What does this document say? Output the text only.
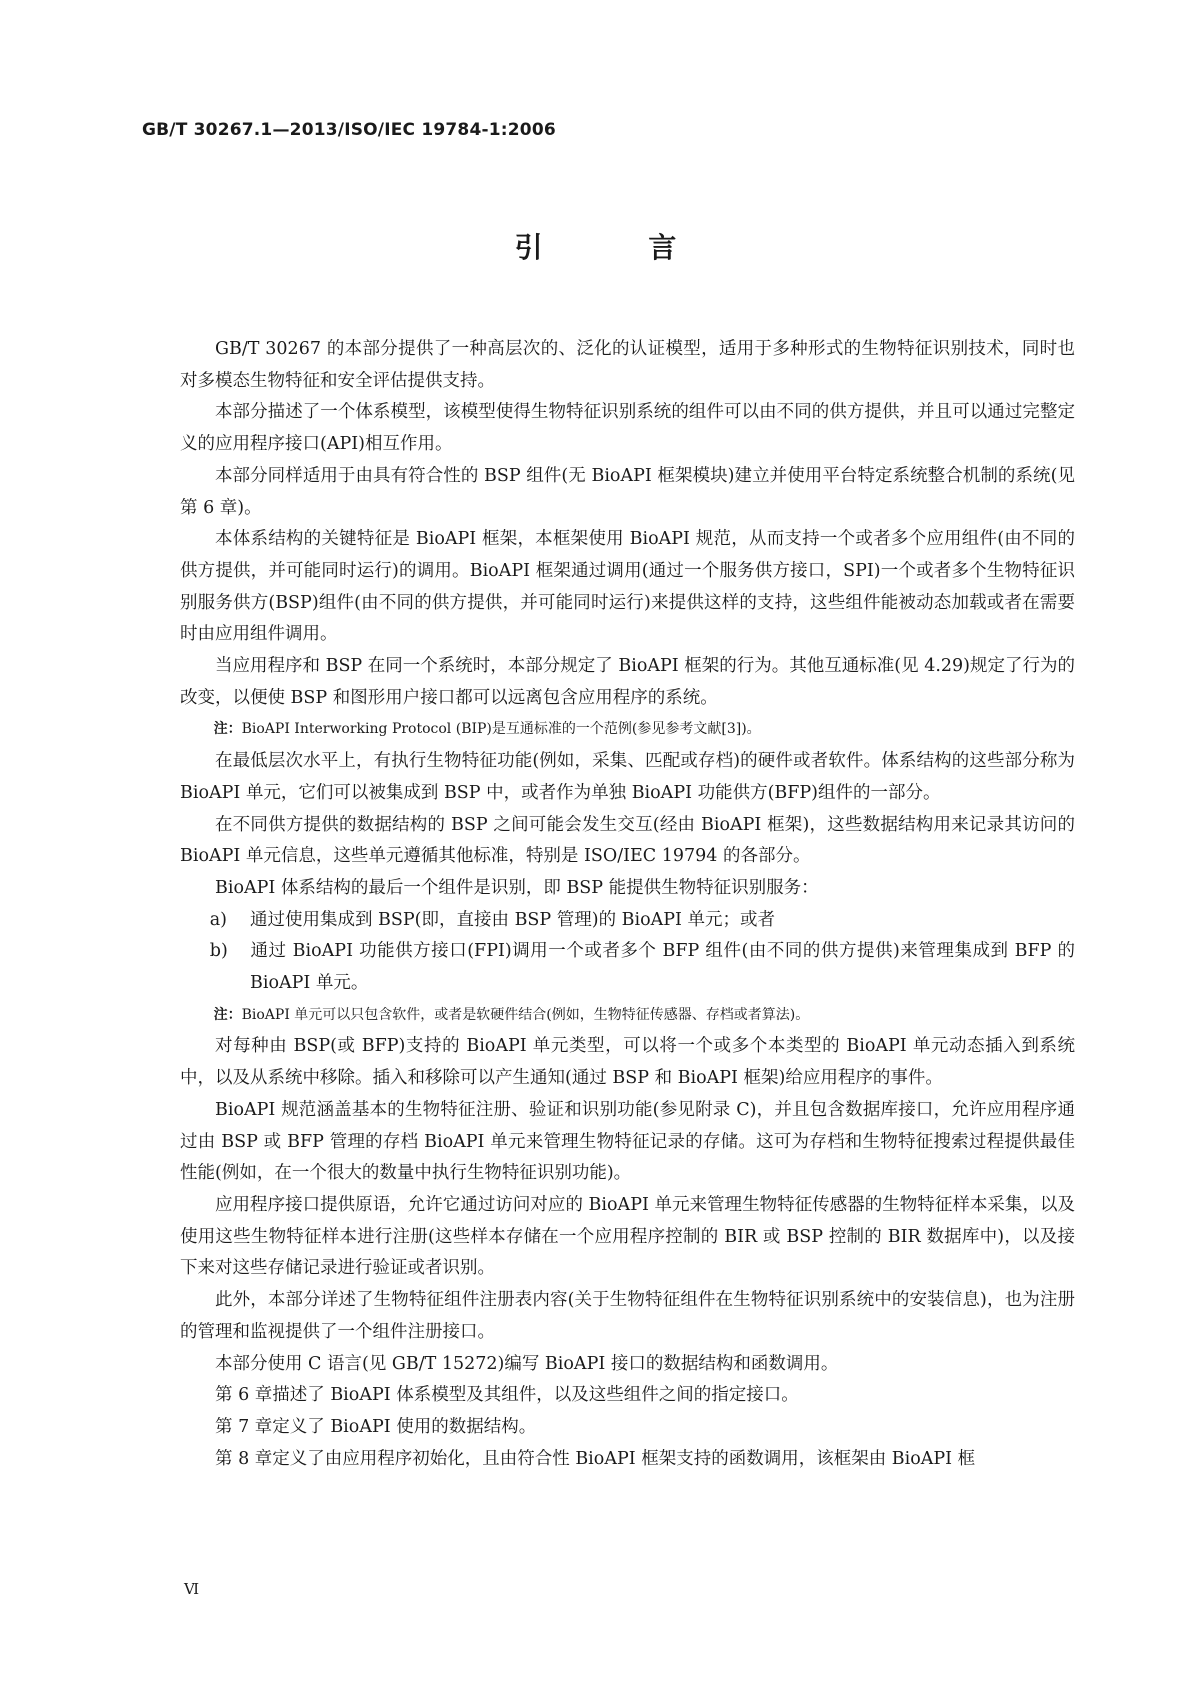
GB/T 30267.1—2013/ISO/IEC 19784-1:2006
引 言

GB/T 30267 的本部分提供了一种高层次的、泛化的认证模型，适用于多种形式的生物特征识别技术，同时也对多模态生物特征和安全评估提供支持。

本部分描述了一个体系模型，该模型使得生物特征识别系统的组件可以由不同的供方提供，并且可以通过完整定义的应用程序接口(API)相互作用。

本部分同样适用于由具有符合性的 BSP 组件(无 BioAPI 框架模块)建立并使用平台特定系统整合机制的系统(见第 6 章)。

本体系结构的关键特征是 BioAPI 框架，本框架使用 BioAPI 规范，从而支持一个或者多个应用组件(由不同的供方提供，并可能同时运行)的调用。BioAPI 框架通过调用(通过一个服务供方接口，SPI)一个或者多个生物特征识别服务供方(BSP)组件(由不同的供方提供，并可能同时运行)来提供这样的支持，这些组件能被动态加载或者在需要时由应用组件调用。

当应用程序和 BSP 在同一个系统时，本部分规定了 BioAPI 框架的行为。其他互通标准(见 4.29)规定了行为的改变，以便使 BSP 和图形用户接口都可以远离包含应用程序的系统。

注：BioAPI Interworking Protocol (BIP)是互通标准的一个范例(参见参考文献[3])。

在最低层次水平上，有执行生物特征功能(例如，采集、匹配或存档)的硬件或者软件。体系结构的这些部分称为 BioAPI 单元，它们可以被集成到 BSP 中，或者作为单独 BioAPI 功能供方(BFP)组件的一部分。

在不同供方提供的数据结构的 BSP 之间可能会发生交互(经由 BioAPI 框架)，这些数据结构用来记录其访问的 BioAPI 单元信息，这些单元遵循其他标准，特别是 ISO/IEC 19794 的各部分。

BioAPI 体系结构的最后一个组件是识别，即 BSP 能提供生物特征识别服务：

a) 通过使用集成到 BSP(即，直接由 BSP 管理)的 BioAPI 单元；或者

b) 通过 BioAPI 功能供方接口(FPI)调用一个或者多个 BFP 组件(由不同的供方提供)来管理集成到 BFP 的 BioAPI 单元。

注：BioAPI 单元可以只包含软件，或者是软硬件结合(例如，生物特征传感器、存档或者算法)。

对每种由 BSP(或 BFP)支持的 BioAPI 单元类型，可以将一个或多个本类型的 BioAPI 单元动态插入到系统中，以及从系统中移除。插入和移除可以产生通知(通过 BSP 和 BioAPI 框架)给应用程序的事件。

BioAPI 规范涵盖基本的生物特征注册、验证和识别功能(参见附录 C)，并且包含数据库接口，允许应用程序通过由 BSP 或 BFP 管理的存档 BioAPI 单元来管理生物特征记录的存储。这可为存档和生物特征搜索过程提供最佳性能(例如，在一个很大的数量中执行生物特征识别功能)。

应用程序接口提供原语，允许它通过访问对应的 BioAPI 单元来管理生物特征传感器的生物特征样本采集，以及使用这些生物特征样本进行注册(这些样本存储在一个应用程序控制的 BIR 或 BSP 控制的 BIR 数据库中)，以及接下来对这些存储记录进行验证或者识别。

此外，本部分详述了生物特征组件注册表内容(关于生物特征组件在生物特征识别系统中的安装信息)，也为注册的管理和监视提供了一个组件注册接口。

本部分使用 C 语言(见 GB/T 15272)编写 BioAPI 接口的数据结构和函数调用。

第 6 章描述了 BioAPI 体系模型及其组件，以及这些组件之间的指定接口。

第 7 章定义了 BioAPI 使用的数据结构。

第 8 章定义了由应用程序初始化，且由符合性 BioAPI 框架支持的函数调用，该框架由 BioAPI 框

Ⅵ
